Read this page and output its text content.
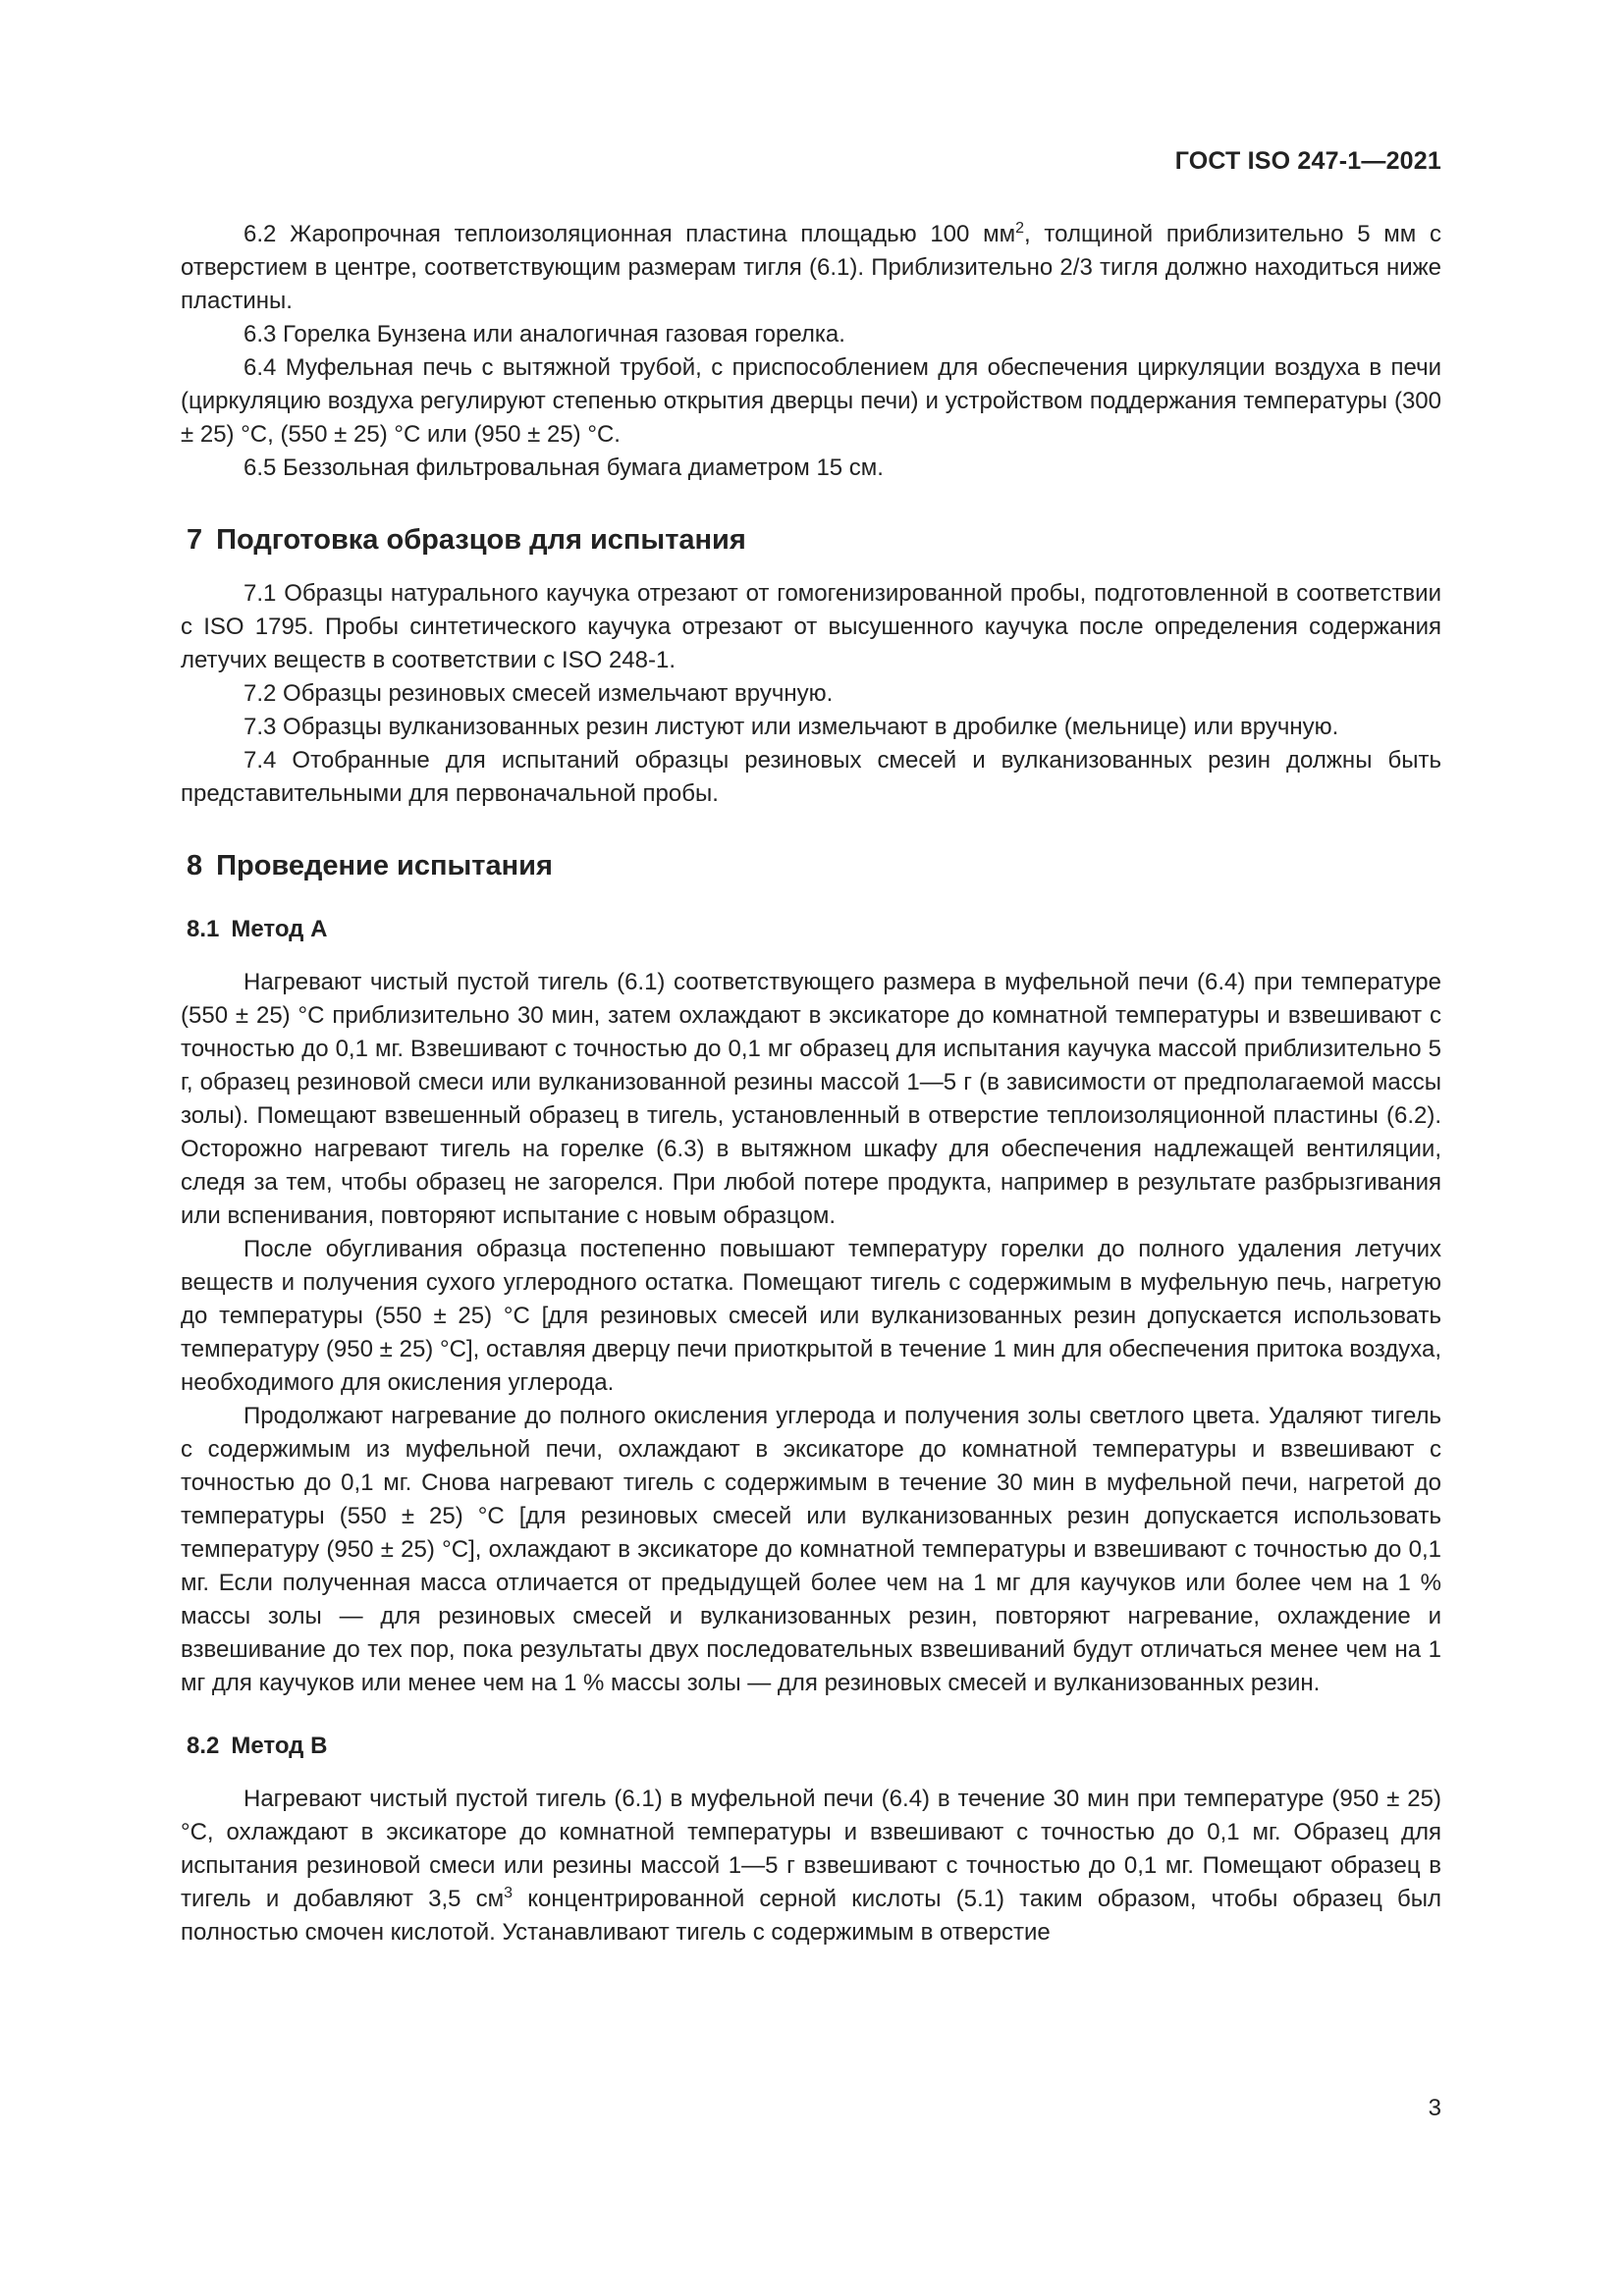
ГОСТ ISO 247-1—2021

6.2 Жаропрочная теплоизоляционная пластина площадью 100 $мм^2$, толщиной приблизительно 5 мм с отверстием в центре, соответствующим размерам тигля (6.1). Приблизительно 2/3 тигля должно находиться ниже пластины.

6.3 Горелка Бунзена или аналогичная газовая горелка.

6.4 Муфельная печь с вытяжной трубой, с приспособлением для обеспечения циркуляции воздуха в печи (циркуляцию воздуха регулируют степенью открытия дверцы печи) и устройством поддержания температуры (300 ± 25) °С, (550 ± 25) °С или (950 ± 25) °С.

6.5 Беззольная фильтровальная бумага диаметром 15 см.

7 Подготовка образцов для испытания

7.1 Образцы натурального каучука отрезают от гомогенизированной пробы, подготовленной в соответствии с ISO 1795. Пробы синтетического каучука отрезают от высушенного каучука после определения содержания летучих веществ в соответствии с ISO 248-1.

7.2 Образцы резиновых смесей измельчают вручную.

7.3 Образцы вулканизованных резин листуют или измельчают в дробилке (мельнице) или вручную.

7.4 Отобранные для испытаний образцы резиновых смесей и вулканизованных резин должны быть представительными для первоначальной пробы.

8 Проведение испытания
8.1 Метод А

Нагревают чистый пустой тигель (6.1) соответствующего размера в муфельной печи (6.4) при температуре (550 ± 25) °С приблизительно 30 мин, затем охлаждают в эксикаторе до комнатной температуры и взвешивают с точностью до 0,1 мг. Взвешивают с точностью до 0,1 мг образец для испытания каучука массой приблизительно 5 г, образец резиновой смеси или вулканизованной резины массой 1—5 г (в зависимости от предполагаемой массы золы). Помещают взвешенный образец в тигель, установленный в отверстие теплоизоляционной пластины (6.2). Осторожно нагревают тигель на горелке (6.3) в вытяжном шкафу для обеспечения надлежащей вентиляции, следя за тем, чтобы образец не загорелся. При любой потере продукта, например в результате разбрызгивания или вспенивания, повторяют испытание с новым образцом.

После обугливания образца постепенно повышают температуру горелки до полного удаления летучих веществ и получения сухого углеродного остатка. Помещают тигель с содержимым в муфельную печь, нагретую до температуры (550 ± 25) °С [для резиновых смесей или вулканизованных резин допускается использовать температуру (950 ± 25) °С], оставляя дверцу печи приоткрытой в течение 1 мин для обеспечения притока воздуха, необходимого для окисления углерода.

Продолжают нагревание до полного окисления углерода и получения золы светлого цвета. Удаляют тигель с содержимым из муфельной печи, охлаждают в эксикаторе до комнатной температуры и взвешивают с точностью до 0,1 мг. Снова нагревают тигель с содержимым в течение 30 мин в муфельной печи, нагретой до температуры (550 ± 25) °С [для резиновых смесей или вулканизованных резин допускается использовать температуру (950 ± 25) °С], охлаждают в эксикаторе до комнатной температуры и взвешивают с точностью до 0,1 мг. Если полученная масса отличается от предыдущей более чем на 1 мг для каучуков или более чем на 1 % массы золы — для резиновых смесей и вулканизованных резин, повторяют нагревание, охлаждение и взвешивание до тех пор, пока результаты двух последовательных взвешиваний будут отличаться менее чем на 1 мг для каучуков или менее чем на 1 % массы золы — для резиновых смесей и вулканизованных резин.

8.2 Метод В

Нагревают чистый пустой тигель (6.1) в муфельной печи (6.4) в течение 30 мин при температуре (950 ± 25) °С, охлаждают в эксикаторе до комнатной температуры и взвешивают с точностью до 0,1 мг. Образец для испытания резиновой смеси или резины массой 1—5 г взвешивают с точностью до 0,1 мг. Помещают образец в тигель и добавляют 3,5 $см^3$ концентрированной серной кислоты (5.1) таким образом, чтобы образец был полностью смочен кислотой. Устанавливают тигель с содержимым в отверстие

3
